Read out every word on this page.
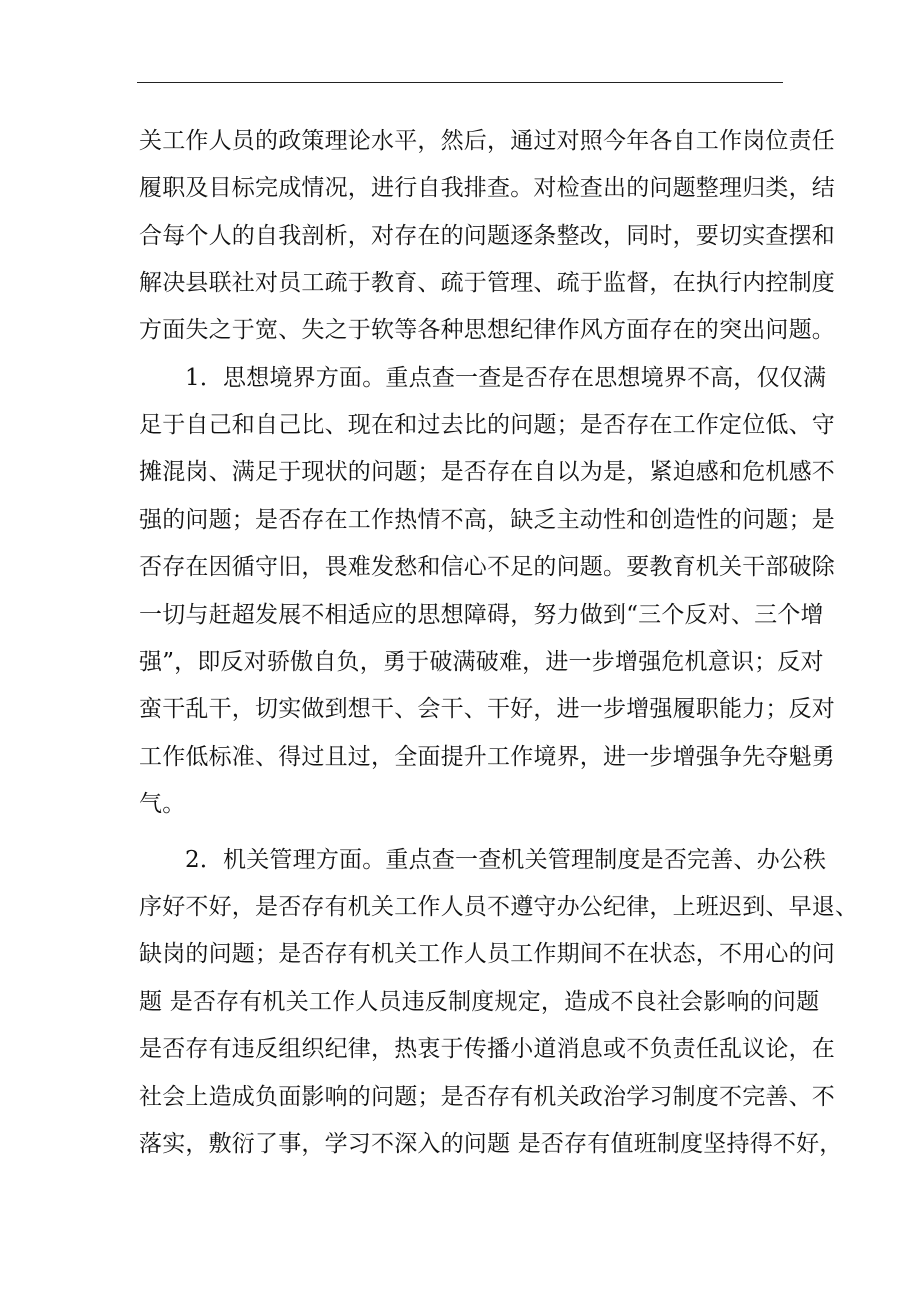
关工作人员的政策理论水平，然后，通过对照今年各自工作岗位责任
履职及目标完成情况，进行自我排查。对检查出的问题整理归类，结
合每个人的自我剖析，对存在的问题逐条整改，同时，要切实查摆和
解决县联社对员工疏于教育、疏于管理、疏于监督，在执行内控制度
方面失之于宽、失之于软等各种思想纪律作风方面存在的突出问题。
1．思想境界方面。重点查一查是否存在思想境界不高，仅仅满
足于自己和自己比、现在和过去比的问题；是否存在工作定位低、守
摊混岗、满足于现状的问题；是否存在自以为是，紧迫感和危机感不
强的问题；是否存在工作热情不高，缺乏主动性和创造性的问题；是
否存在因循守旧，畏难发愁和信心不足的问题。要教育机关干部破除
一切与赶超发展不相适应的思想障碍，努力做到“三个反对、三个增
强”，即反对骄傲自负，勇于破满破难，进一步增强危机意识；反对
蛮干乱干，切实做到想干、会干、干好，进一步增强履职能力；反对
工作低标准、得过且过，全面提升工作境界，进一步增强争先夺魁勇
气。
2．机关管理方面。重点查一查机关管理制度是否完善、办公秩
序好不好，是否存有机关工作人员不遵守办公纪律，上班迟到、早退、
缺岗的问题；是否存有机关工作人员工作期间不在状态，不用心的问
题 是否存有机关工作人员违反制度规定，造成不良社会影响的问题
是否存有违反组织纪律，热衷于传播小道消息或不负责任乱议论，在
社会上造成负面影响的问题；是否存有机关政治学习制度不完善、不
落实，敷衍了事，学习不深入的问题 是否存有值班制度坚持得不好，
